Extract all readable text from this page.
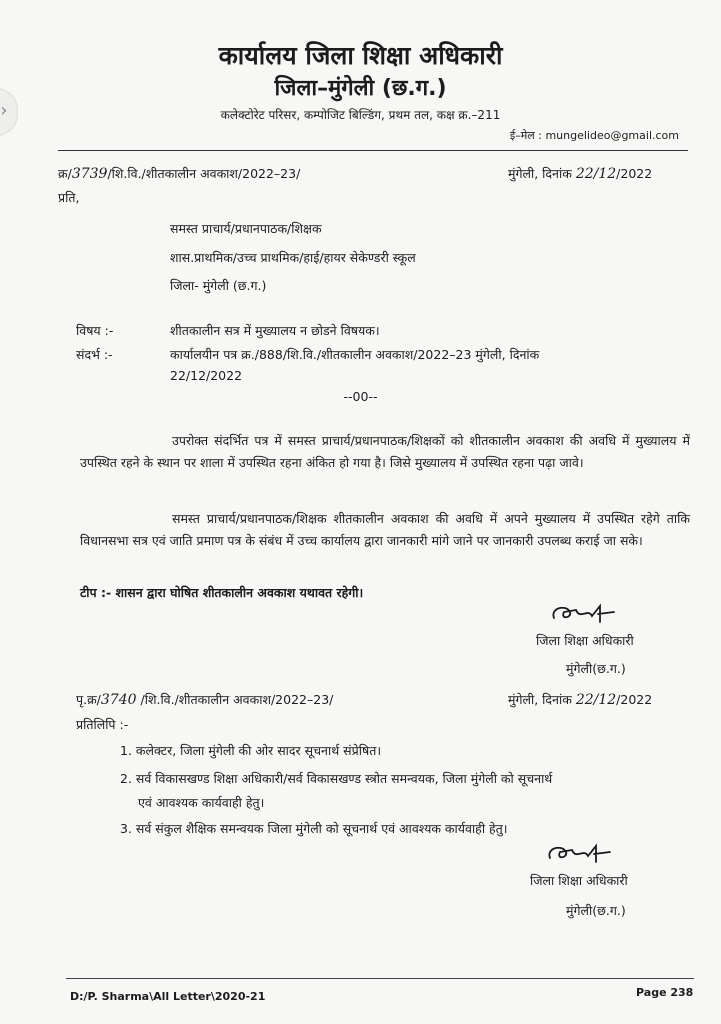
›
कार्यालय जिला शिक्षा अधिकारी
जिला–मुंगेली (छ.ग.)
कलेक्टोरेट परिसर, कम्पोजिट बिल्डिंग, प्रथम तल, कक्ष क्र.–211
ई–मेल : mungelideo@gmail.com
क्र/3739/शि.वि./शीतकालीन अवकाश/2022–23/	मुंगेली, दिनांक 22/12/2022
प्रति,
समस्त प्राचार्य/प्रधानपाठक/शिक्षक
शास.प्राथमिक/उच्च प्राथमिक/हाई/हायर सेकेण्डरी स्कूल
जिला- मुंगेली (छ.ग.)
विषय :-	शीतकालीन सत्र में मुख्यालय न छोडने विषयक।
संदर्भ :-	कार्यालयीन पत्र क्र./888/शि.वि./शीतकालीन अवकाश/2022–23 मुंगेली, दिनांक
22/12/2022
--00--
उपरोक्त संदर्भित पत्र में समस्त प्राचार्य/प्रधानपाठक/शिक्षकों को शीतकालीन अवकाश की अवधि में मुख्यालय में उपस्थित रहने के स्थान पर शाला में उपस्थित रहना अंकित हो गया है। जिसे मुख्यालय में उपस्थित रहना पढ़ा जावे।
समस्त प्राचार्य/प्रधानपाठक/शिक्षक शीतकालीन अवकाश की अवधि में अपने मुख्यालय में उपस्थित रहेगे ताकि विधानसभा सत्र एवं जाति प्रमाण पत्र के संबंध में उच्च कार्यालय द्वारा जानकारी मांगे जाने पर जानकारी उपलब्ध कराई जा सके।
टीप :- शासन द्वारा घोषित शीतकालीन अवकाश यथावत रहेगी।
जिला शिक्षा अधिकारी
मुंगेली(छ.ग.)
पृ.क्र/3740 /शि.वि./शीतकालीन अवकाश/2022–23/	मुंगेली, दिनांक 22/12/2022
प्रतिलिपि :-
1. कलेक्टर, जिला मुंगेली की ओर सादर सूचनार्थ संप्रेषित।
2. सर्व विकासखण्ड शिक्षा अधिकारी/सर्व विकासखण्ड स्त्रोत समन्वयक, जिला मुंगेली को सूचनार्थ
एवं आवश्यक कार्यवाही हेतु।
3. सर्व संकुल शैक्षिक समन्वयक जिला मुंगेली को सूचनार्थ एवं आवश्यक कार्यवाही हेतु।
जिला शिक्षा अधिकारी
मुंगेली(छ.ग.)
D:/P. Sharma\All Letter\2020-21	Page 238
